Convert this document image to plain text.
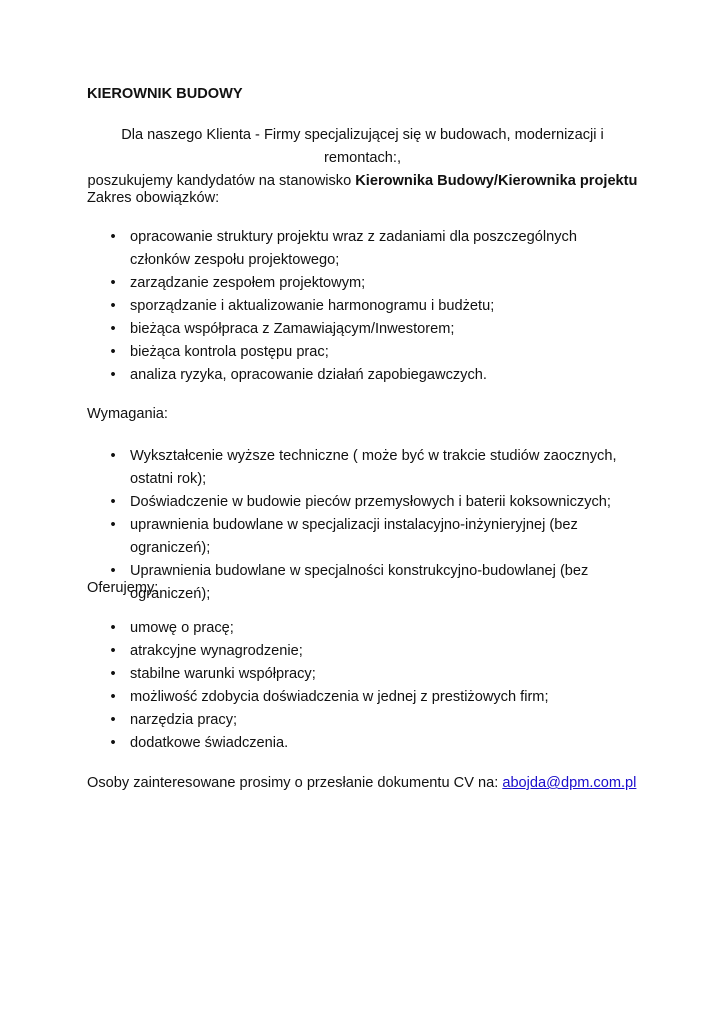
KIEROWNIK BUDOWY
Dla naszego Klienta - Firmy specjalizującej się w budowach, modernizacji i remontach:,
poszukujemy kandydatów na stanowisko Kierownika Budowy/Kierownika projektu
Zakres obowiązków:
• opracowanie struktury projektu wraz z zadaniami dla poszczególnych członków zespołu projektowego;
• zarządzanie zespołem projektowym;
• sporządzanie i aktualizowanie harmonogramu i budżetu;
• bieżąca współpraca z Zamawiającym/Inwestorem;
• bieżąca kontrola postępu prac;
• analiza ryzyka, opracowanie działań zapobiegawczych.
Wymagania:
• Wykształcenie wyższe techniczne ( może być w trakcie studiów zaocznych, ostatni rok);
• Doświadczenie w budowie pieców przemysłowych i baterii koksowniczych;
• uprawnienia budowlane w specjalizacji instalacyjno-inżynieryjnej (bez ograniczeń);
• Uprawnienia budowlane w specjalności konstrukcyjno-budowlanej (bez ograniczeń);
Oferujemy:
• umowę o pracę;
• atrakcyjne wynagrodzenie;
• stabilne warunki współpracy;
• możliwość zdobycia doświadczenia w jednej z prestiżowych firm;
• narzędzia pracy;
• dodatkowe świadczenia.
Osoby zainteresowane prosimy o przesłanie dokumentu CV na: abojda@dpm.com.pl
